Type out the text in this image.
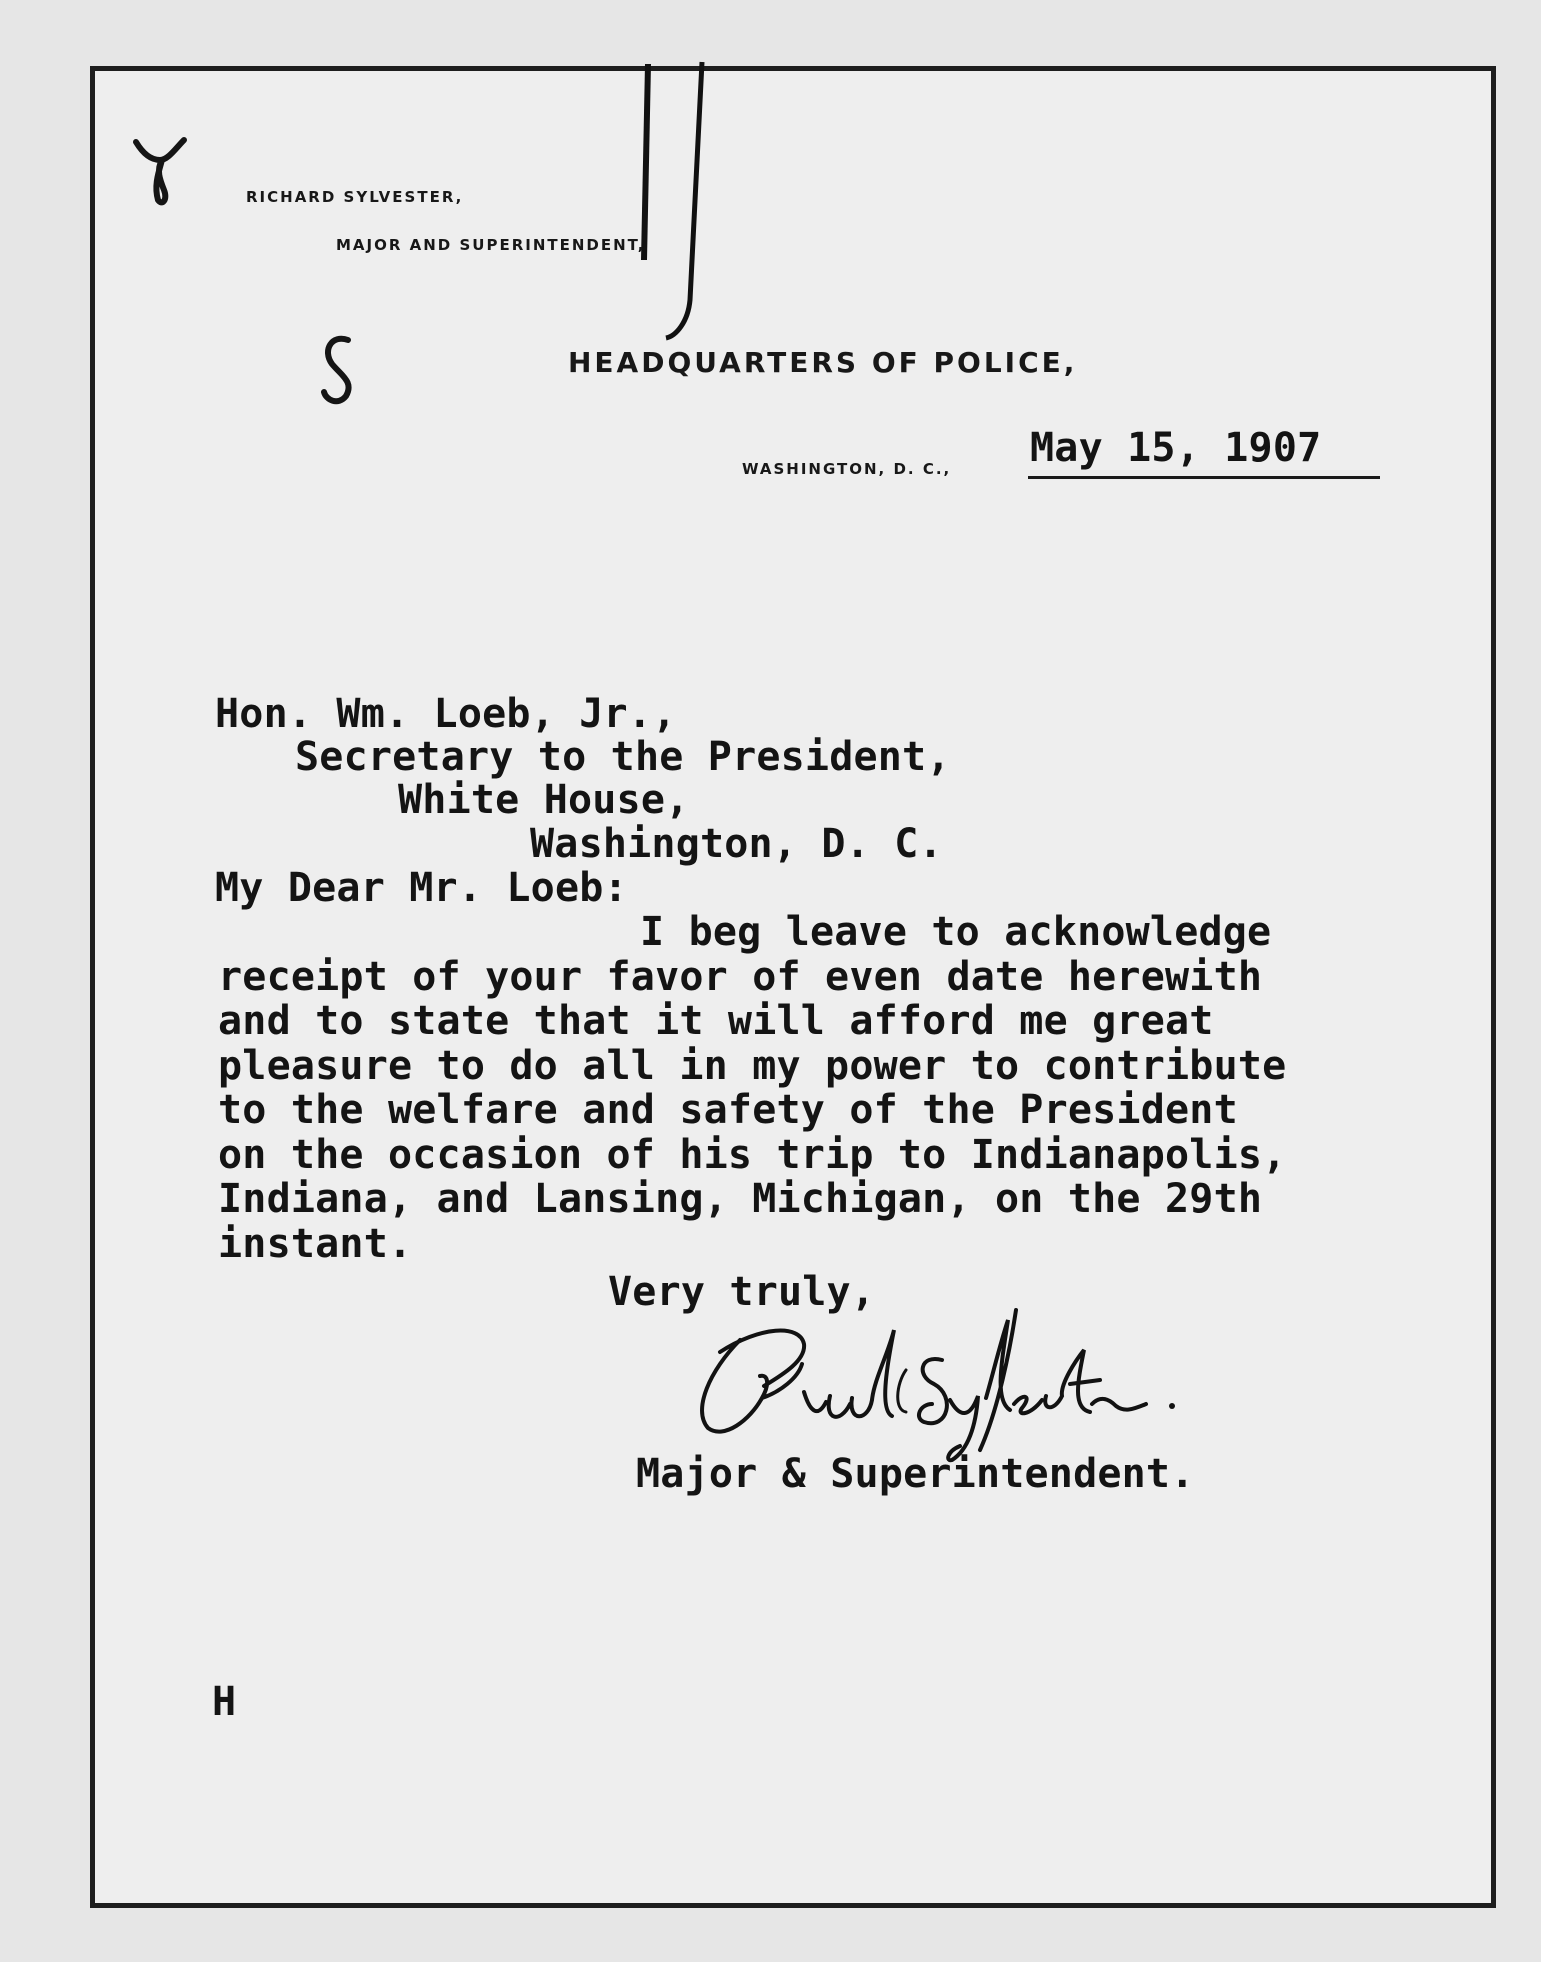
RICHARD SYLVESTER,
MAJOR AND SUPERINTENDENT,
HEADQUARTERS OF POLICE,
WASHINGTON, D. C., May 15, 1907
Hon. Wm. Loeb, Jr.,
Secretary to the President,
White House,
Washington, D. C.
My Dear Mr. Loeb:
I beg leave to acknowledge
receipt of your favor of even date herewith
and to state that it will afford me great
pleasure to do all in my power to contribute
to the welfare and safety of the President
on the occasion of his trip to Indianapolis,
Indiana, and Lansing, Michigan, on the 29th
instant.
Very truly,
Major & Superintendent.
H
